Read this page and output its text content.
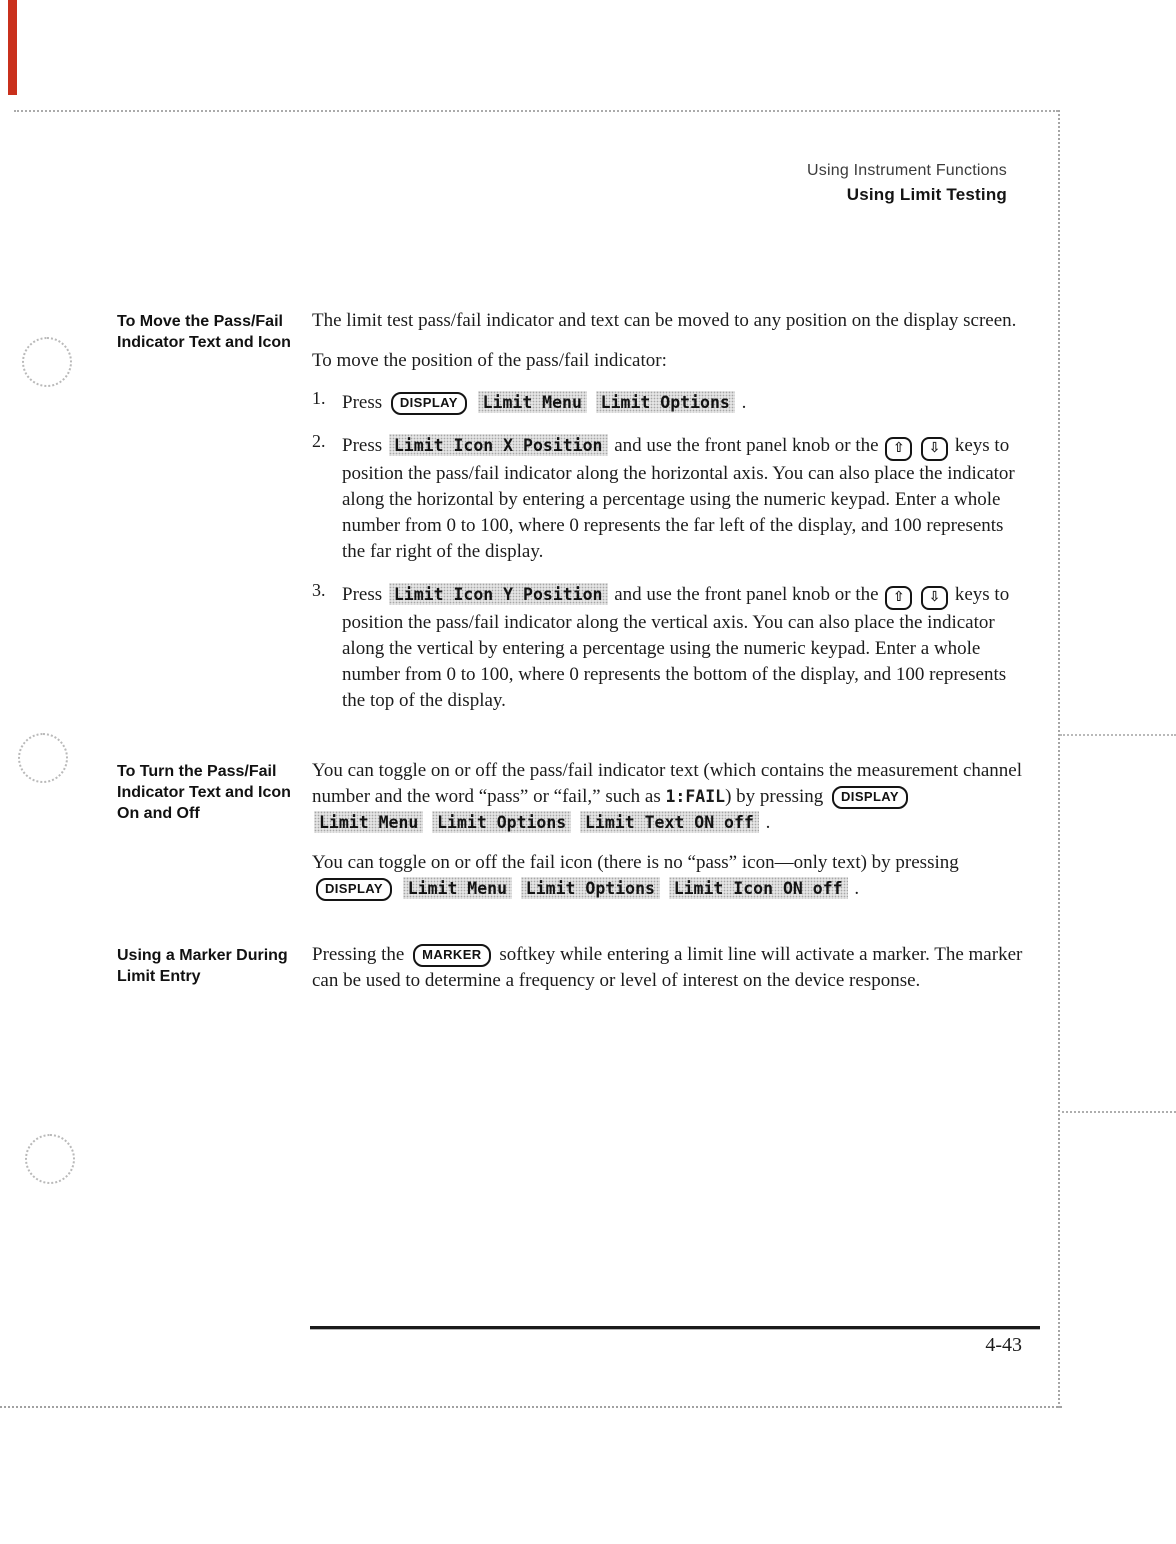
Using Instrument Functions
Using Limit Testing
To Move the Pass/Fail Indicator Text and Icon

The limit test pass/fail indicator and text can be moved to any position on the display screen.

To move the position of the pass/fail indicator:

1. Press DISPLAY Limit Menu Limit Options .

2. Press Limit Icon X Position and use the front panel knob or the ⇧ ⇩ keys to position the pass/fail indicator along the horizontal axis. You can also place the indicator along the horizontal by entering a percentage using the numeric keypad. Enter a whole number from 0 to 100, where 0 represents the far left of the display, and 100 represents the far right of the display.

3. Press Limit Icon Y Position and use the front panel knob or the ⇧ ⇩ keys to position the pass/fail indicator along the vertical axis. You can also place the indicator along the vertical by entering a percentage using the numeric keypad. Enter a whole number from 0 to 100, where 0 represents the bottom of the display, and 100 represents the top of the display.

To Turn the Pass/Fail Indicator Text and Icon On and Off

You can toggle on or off the pass/fail indicator text (which contains the measurement channel number and the word “pass” or “fail,” such as 1:FAIL) by pressing DISPLAY Limit Menu Limit Options Limit Text ON off .

You can toggle on or off the fail icon (there is no “pass” icon—only text) by pressing DISPLAY Limit Menu Limit Options Limit Icon ON off .

Using a Marker During Limit Entry

Pressing the MARKER softkey while entering a limit line will activate a marker. The marker can be used to determine a frequency or level of interest on the device response.

4-43
